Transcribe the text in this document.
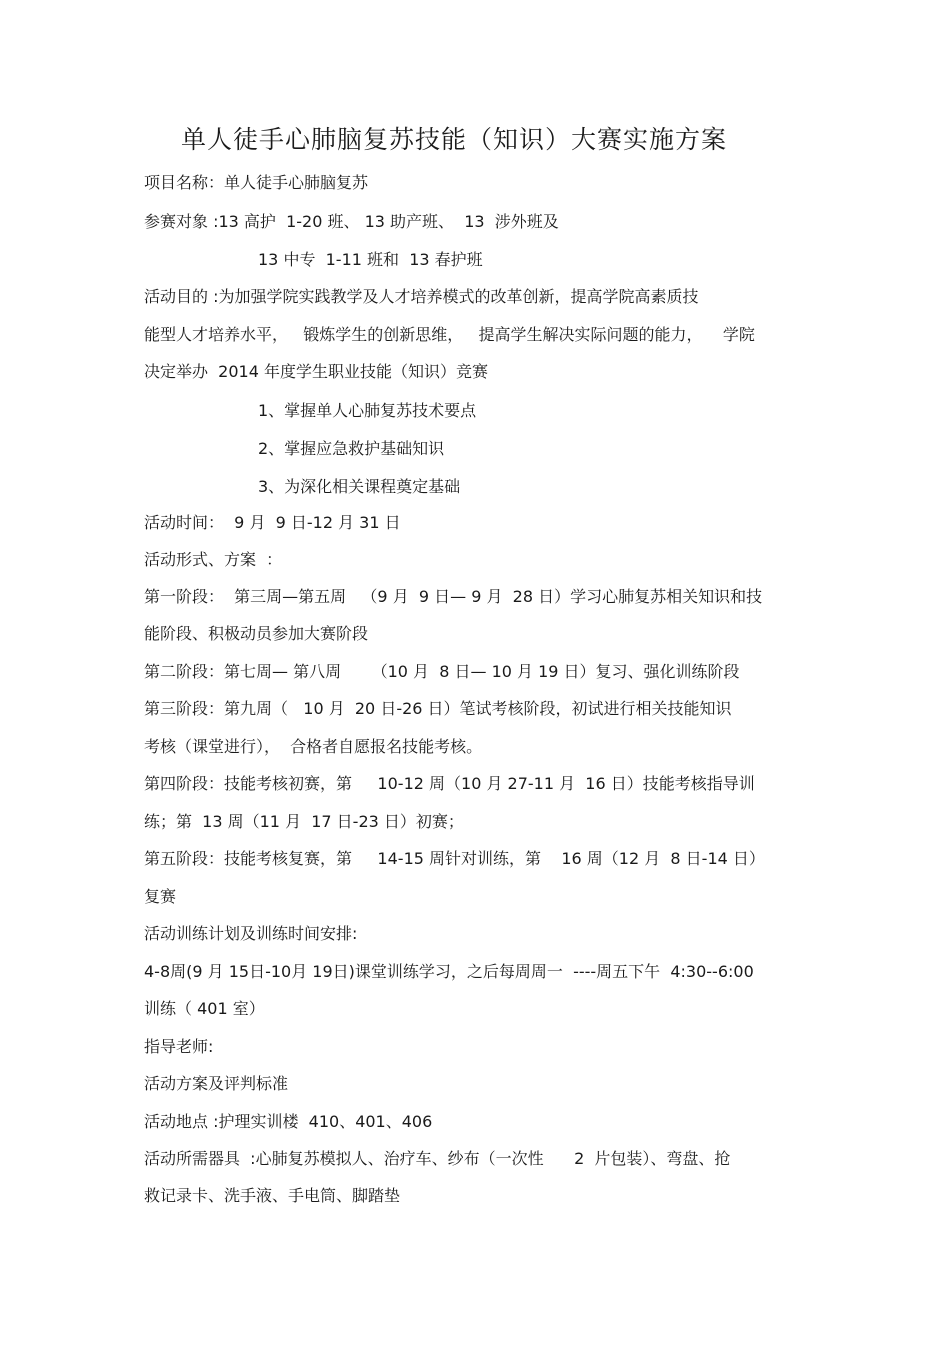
单人徒手心肺脑复苏技能（知识）大赛实施方案
项目名称：单人徒手心肺脑复苏
参赛对象 :13 高护  1-20 班、 13 助产班、  13  涉外班及
13 中专  1-11 班和  13 春护班
活动目的 :为加强学院实践教学及人才培养模式的改革创新，提高学院高素质技
能型人才培养水平，   锻炼学生的创新思维，   提高学生解决实际问题的能力，    学院
决定举办  2014 年度学生职业技能（知识）竞赛
1、掌握单人心肺复苏技术要点
2、掌握应急救护基础知识
3、为深化相关课程奠定基础
活动时间：  9 月  9 日-12 月 31 日
活动形式、方案  ：
第一阶段：  第三周—第五周   （9 月  9 日— 9 月  28 日）学习心肺复苏相关知识和技
能阶段、积极动员参加大赛阶段
第二阶段：第七周— 第八周      （10 月  8 日— 10 月 19 日）复习、强化训练阶段
第三阶段：第九周（   10 月  20 日-26 日）笔试考核阶段，初试进行相关技能知识
考核（课堂进行），  合格者自愿报名技能考核。
第四阶段：技能考核初赛，第     10-12 周（10 月 27-11 月  16 日）技能考核指导训
练；第  13 周（11 月  17 日-23 日）初赛；
第五阶段：技能考核复赛，第     14-15 周针对训练，第    16 周（12 月  8 日-14 日）
复赛
活动训练计划及训练时间安排:
4-8周(9 月 15日-10月 19日)课堂训练学习，之后每周周一  ----周五下午  4:30--6:00
训练（ 401 室）
指导老师:
活动方案及评判标准
活动地点 :护理实训楼  410、401、406
活动所需器具  :心肺复苏模拟人、治疗车、纱布（一次性      2  片包装）、弯盘、抢
救记录卡、洗手液、手电筒、脚踏垫
